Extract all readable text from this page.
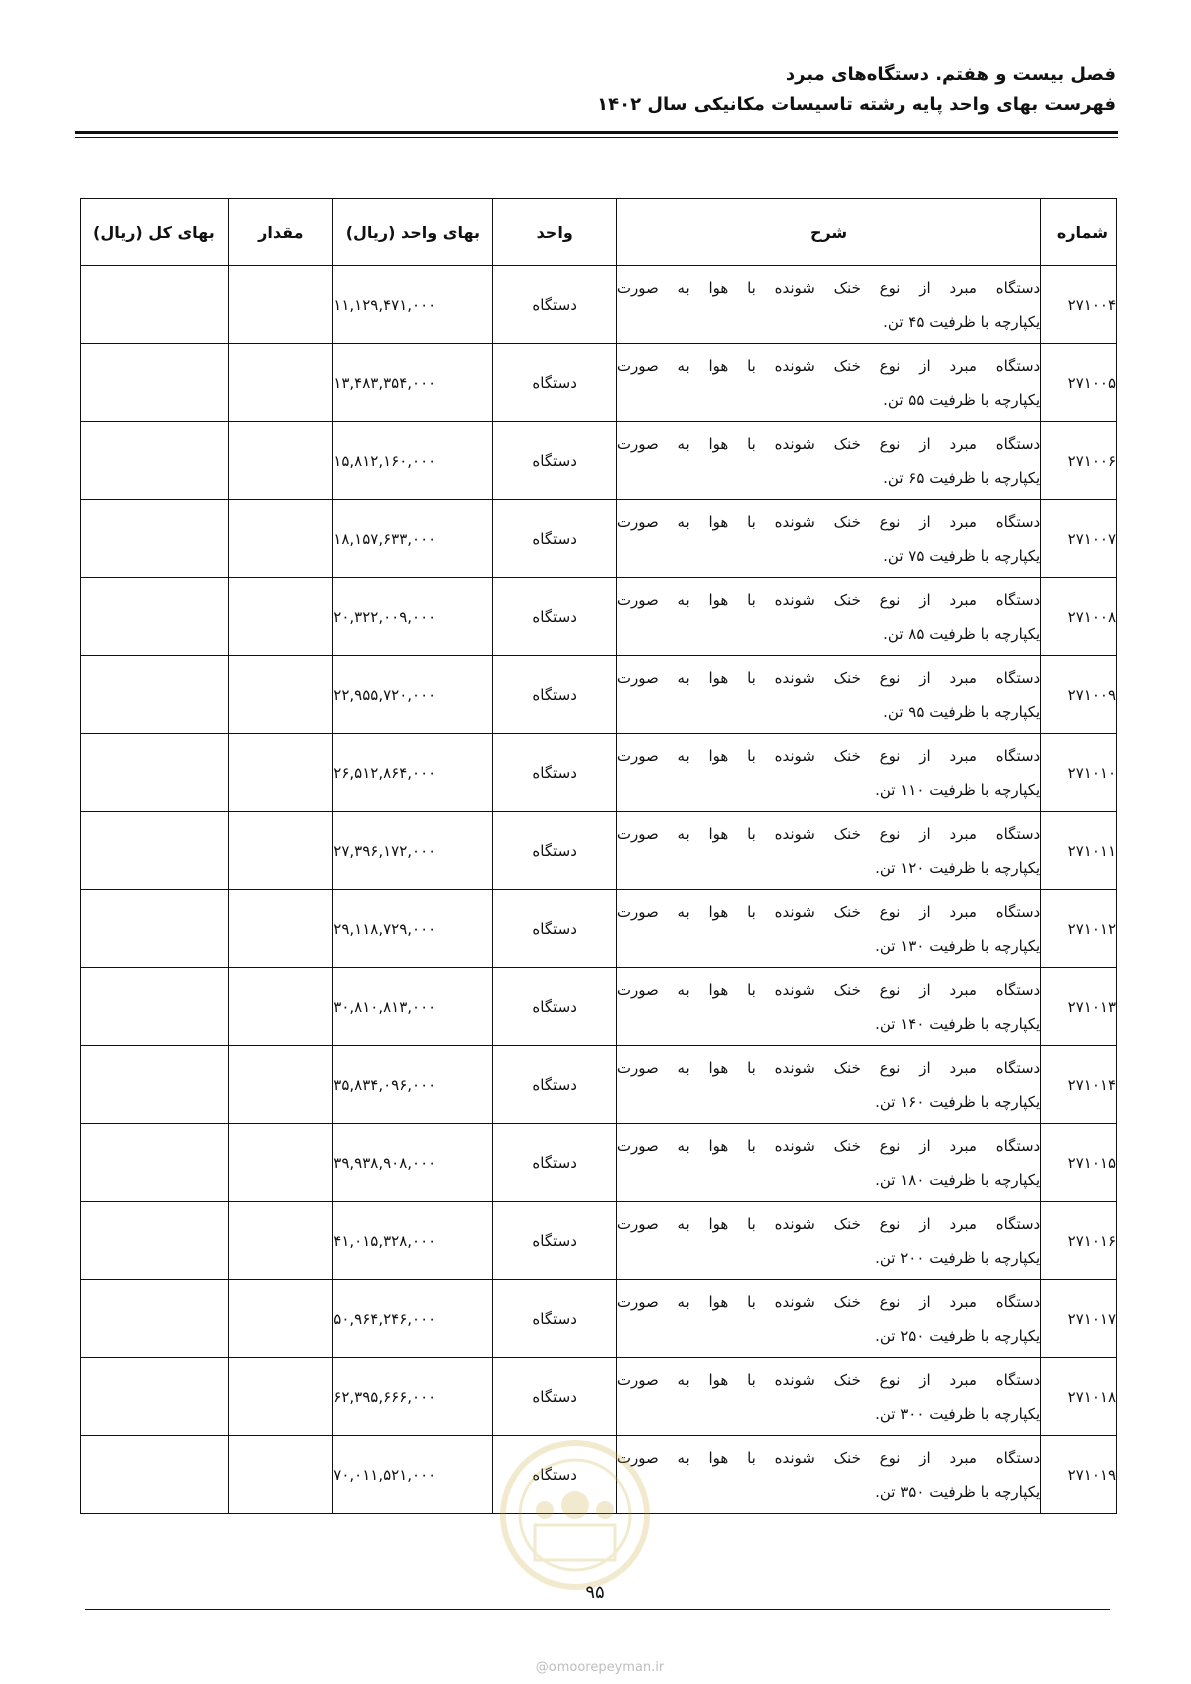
فصل بیست و هفتم. دستگاه‌های مبرد
فهرست بهای واحد پایه رشته تاسیسات مکانیکی سال ۱۴۰۲
شماره	شرح	واحد	بهای واحد (ریال)	مقدار	بهای کل (ریال)
۲۷۱۰۰۴	دستگاه مبرد از نوع خنک شونده با هوا به صورت
یکپارچه با ظرفیت ۴۵ تن.	دستگاه	۱۱,۱۲۹,۴۷۱,۰۰۰		
۲۷۱۰۰۵	دستگاه مبرد از نوع خنک شونده با هوا به صورت
یکپارچه با ظرفیت ۵۵ تن.	دستگاه	۱۳,۴۸۳,۳۵۴,۰۰۰		
۲۷۱۰۰۶	دستگاه مبرد از نوع خنک شونده با هوا به صورت
یکپارچه با ظرفیت ۶۵ تن.	دستگاه	۱۵,۸۱۲,۱۶۰,۰۰۰		
۲۷۱۰۰۷	دستگاه مبرد از نوع خنک شونده با هوا به صورت
یکپارچه با ظرفیت ۷۵ تن.	دستگاه	۱۸,۱۵۷,۶۳۳,۰۰۰		
۲۷۱۰۰۸	دستگاه مبرد از نوع خنک شونده با هوا به صورت
یکپارچه با ظرفیت ۸۵ تن.	دستگاه	۲۰,۳۲۲,۰۰۹,۰۰۰		
۲۷۱۰۰۹	دستگاه مبرد از نوع خنک شونده با هوا به صورت
یکپارچه با ظرفیت ۹۵ تن.	دستگاه	۲۲,۹۵۵,۷۲۰,۰۰۰		
۲۷۱۰۱۰	دستگاه مبرد از نوع خنک شونده با هوا به صورت
یکپارچه با ظرفیت ۱۱۰ تن.	دستگاه	۲۶,۵۱۲,۸۶۴,۰۰۰		
۲۷۱۰۱۱	دستگاه مبرد از نوع خنک شونده با هوا به صورت
یکپارچه با ظرفیت ۱۲۰ تن.	دستگاه	۲۷,۳۹۶,۱۷۲,۰۰۰		
۲۷۱۰۱۲	دستگاه مبرد از نوع خنک شونده با هوا به صورت
یکپارچه با ظرفیت ۱۳۰ تن.	دستگاه	۲۹,۱۱۸,۷۲۹,۰۰۰		
۲۷۱۰۱۳	دستگاه مبرد از نوع خنک شونده با هوا به صورت
یکپارچه با ظرفیت ۱۴۰ تن.	دستگاه	۳۰,۸۱۰,۸۱۳,۰۰۰		
۲۷۱۰۱۴	دستگاه مبرد از نوع خنک شونده با هوا به صورت
یکپارچه با ظرفیت ۱۶۰ تن.	دستگاه	۳۵,۸۳۴,۰۹۶,۰۰۰		
۲۷۱۰۱۵	دستگاه مبرد از نوع خنک شونده با هوا به صورت
یکپارچه با ظرفیت ۱۸۰ تن.	دستگاه	۳۹,۹۳۸,۹۰۸,۰۰۰		
۲۷۱۰۱۶	دستگاه مبرد از نوع خنک شونده با هوا به صورت
یکپارچه با ظرفیت ۲۰۰ تن.	دستگاه	۴۱,۰۱۵,۳۲۸,۰۰۰		
۲۷۱۰۱۷	دستگاه مبرد از نوع خنک شونده با هوا به صورت
یکپارچه با ظرفیت ۲۵۰ تن.	دستگاه	۵۰,۹۶۴,۲۴۶,۰۰۰		
۲۷۱۰۱۸	دستگاه مبرد از نوع خنک شونده با هوا به صورت
یکپارچه با ظرفیت ۳۰۰ تن.	دستگاه	۶۲,۳۹۵,۶۶۶,۰۰۰		
۲۷۱۰۱۹	دستگاه مبرد از نوع خنک شونده با هوا به صورت
یکپارچه با ظرفیت ۳۵۰ تن.	دستگاه	۷۰,۰۱۱,۵۲۱,۰۰۰		
۹۵
@omoorepeyman.ir
